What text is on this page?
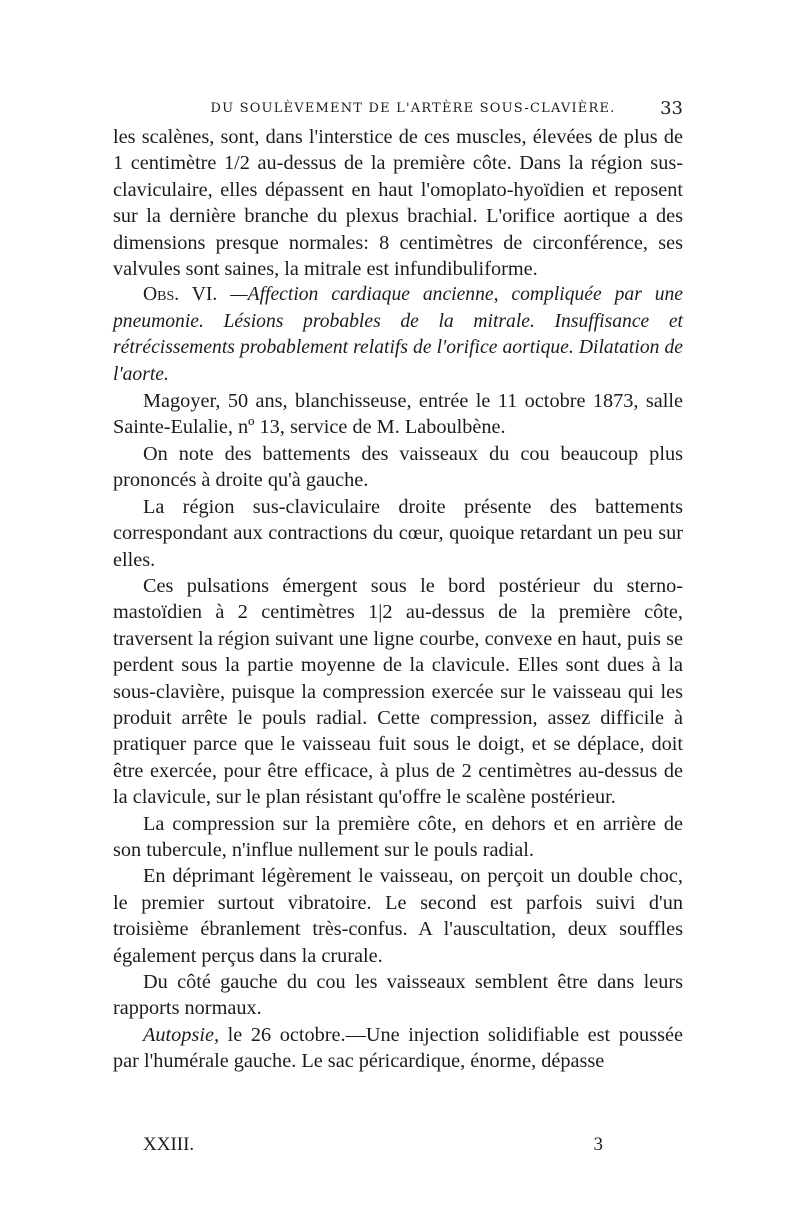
DU SOULÈVEMENT DE L'ARTÈRE SOUS-CLAVIÈRE. 33

les scalènes, sont, dans l'interstice de ces muscles, élevées de plus de 1 centimètre 1/2 au-dessus de la première côte. Dans la région sus-claviculaire, elles dépassent en haut l'omoplato-hyoïdien et reposent sur la dernière branche du plexus brachial. L'orifice aortique a des dimensions presque normales: 8 centimètres de circonférence, ses valvules sont saines, la mitrale est infundibuliforme.

Obs. VI. —Affection cardiaque ancienne, compliquée par une pneumonie. Lésions probables de la mitrale. Insuffisance et rétrécissements probablement relatifs de l'orifice aortique. Dilatation de l'aorte.

Magoyer, 50 ans, blanchisseuse, entrée le 11 octobre 1873, salle Sainte-Eulalie, nº 13, service de M. Laboulbène.

On note des battements des vaisseaux du cou beaucoup plus prononcés à droite qu'à gauche.

La région sus-claviculaire droite présente des battements correspondant aux contractions du cœur, quoique retardant un peu sur elles.

Ces pulsations émergent sous le bord postérieur du sterno-mastoïdien à 2 centimètres 1|2 au-dessus de la première côte, traversent la région suivant une ligne courbe, convexe en haut, puis se perdent sous la partie moyenne de la clavicule. Elles sont dues à la sous-clavière, puisque la compression exercée sur le vaisseau qui les produit arrête le pouls radial. Cette compression, assez difficile à pratiquer parce que le vaisseau fuit sous le doigt, et se déplace, doit être exercée, pour être efficace, à plus de 2 centimètres au-dessus de la clavicule, sur le plan résistant qu'offre le scalène postérieur.

La compression sur la première côte, en dehors et en arrière de son tubercule, n'influe nullement sur le pouls radial.

En déprimant légèrement le vaisseau, on perçoit un double choc, le premier surtout vibratoire. Le second est parfois suivi d'un troisième ébranlement très-confus. A l'auscultation, deux souffles également perçus dans la crurale.

Du côté gauche du cou les vaisseaux semblent être dans leurs rapports normaux.

Autopsie, le 26 octobre.—Une injection solidifiable est poussée par l'humérale gauche. Le sac péricardique, énorme, dépasse

XXIII.	3
